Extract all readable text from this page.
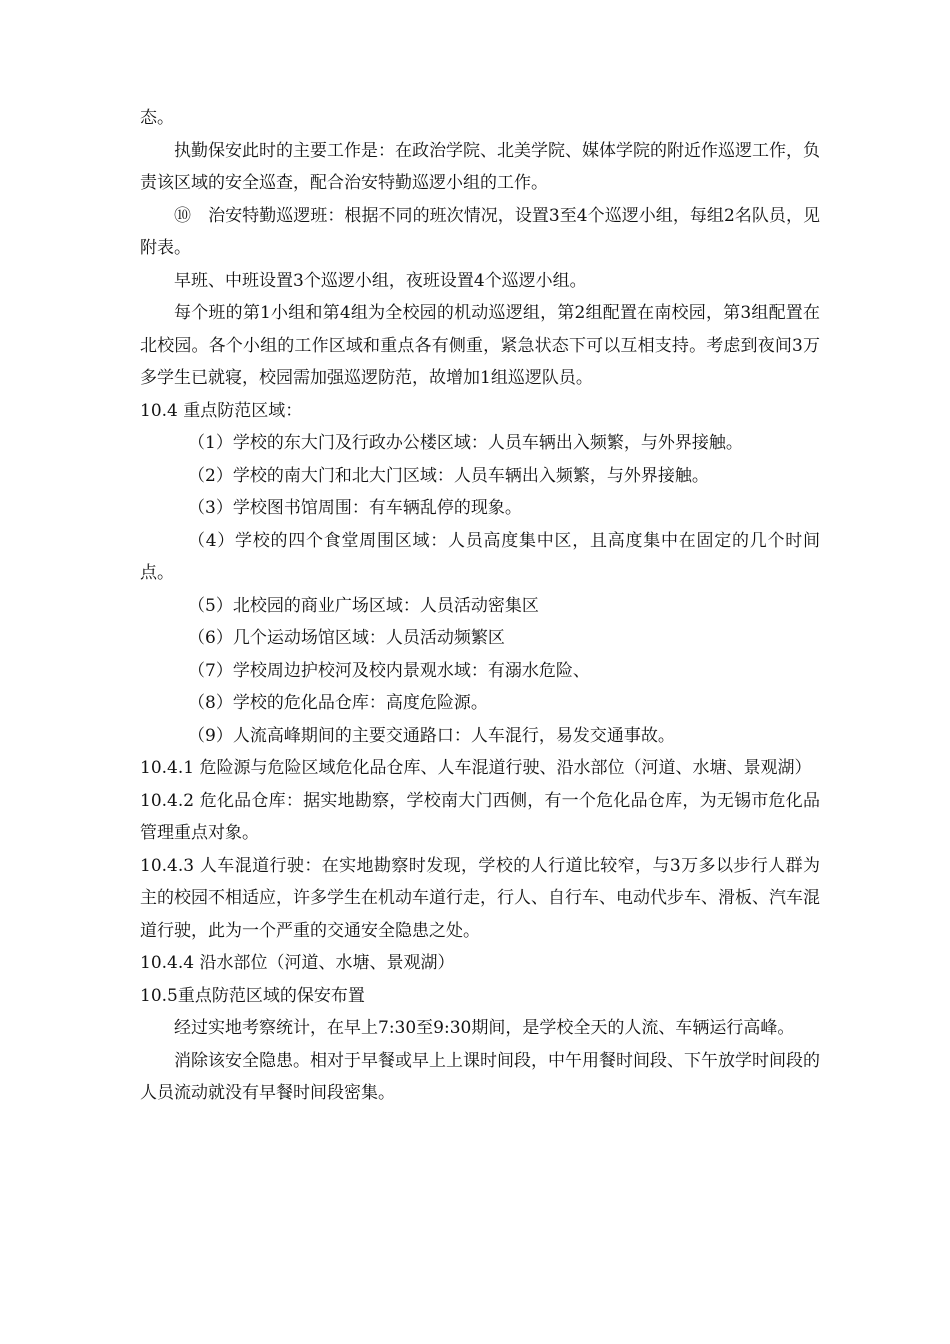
态。

执勤保安此时的主要工作是：在政治学院、北美学院、媒体学院的附近作巡逻工作，负责该区域的安全巡查，配合治安特勤巡逻小组的工作。

⑩　治安特勤巡逻班：根据不同的班次情况，设置3至4个巡逻小组，每组2名队员，见附表。

早班、中班设置3个巡逻小组，夜班设置4个巡逻小组。

每个班的第1小组和第4组为全校园的机动巡逻组，第2组配置在南校园，第3组配置在北校园。各个小组的工作区域和重点各有侧重，紧急状态下可以互相支持。考虑到夜间3万多学生已就寝，校园需加强巡逻防范，故增加1组巡逻队员。

10.4 重点防范区域：

（1）学校的东大门及行政办公楼区域：人员车辆出入频繁，与外界接触。

（2）学校的南大门和北大门区域：人员车辆出入频繁，与外界接触。

（3）学校图书馆周围：有车辆乱停的现象。

（4）学校的四个食堂周围区域：人员高度集中区，且高度集中在固定的几个时间点。

（5）北校园的商业广场区域：人员活动密集区

（6）几个运动场馆区域：人员活动频繁区

（7）学校周边护校河及校内景观水域：有溺水危险、

（8）学校的危化品仓库：高度危险源。

（9）人流高峰期间的主要交通路口：人车混行，易发交通事故。

10.4.1 危险源与危险区域危化品仓库、人车混道行驶、沿水部位（河道、水塘、景观湖）

10.4.2 危化品仓库：据实地勘察，学校南大门西侧，有一个危化品仓库，为无锡市危化品管理重点对象。

10.4.3 人车混道行驶：在实地勘察时发现，学校的人行道比较窄，与3万多以步行人群为主的校园不相适应，许多学生在机动车道行走，行人、自行车、电动代步车、滑板、汽车混道行驶，此为一个严重的交通安全隐患之处。

10.4.4 沿水部位（河道、水塘、景观湖）

10.5重点防范区域的保安布置

经过实地考察统计，在早上7:30至9:30期间，是学校全天的人流、车辆运行高峰。

消除该安全隐患。相对于早餐或早上上课时间段，中午用餐时间段、下午放学时间段的人员流动就没有早餐时间段密集。
